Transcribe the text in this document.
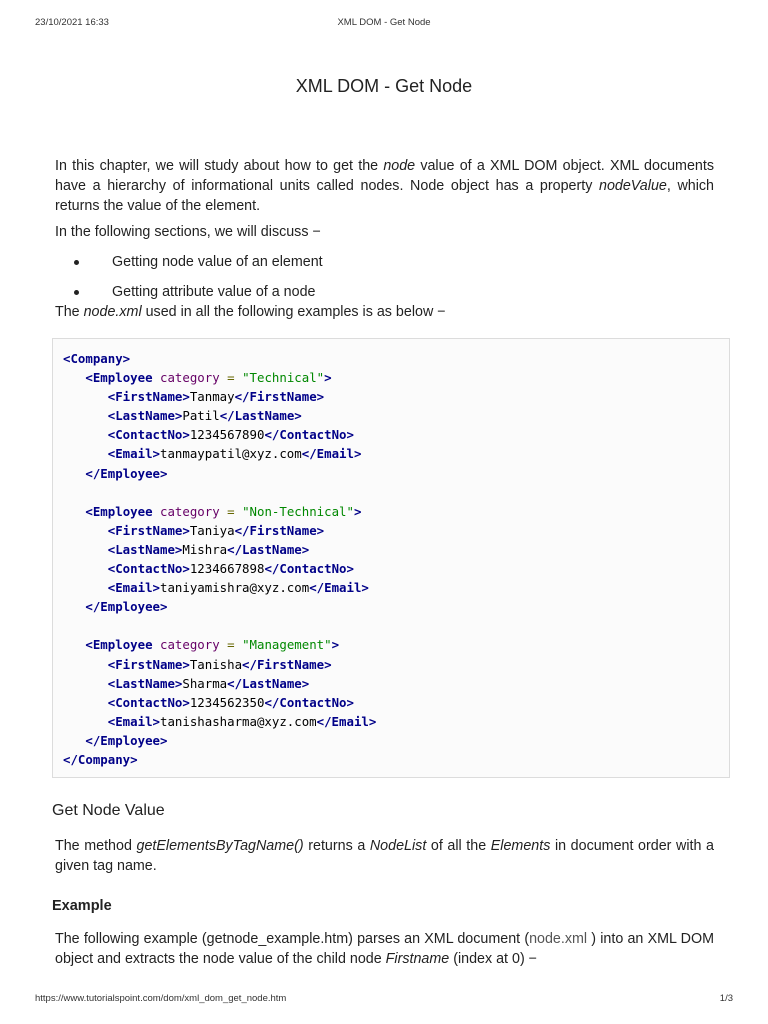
23/10/2021 16:33	XML DOM - Get Node
XML DOM - Get Node

In this chapter, we will study about how to get the node value of a XML DOM object. XML documents have a hierarchy of informational units called nodes. Node object has a property nodeValue, which returns the value of the element.

In the following sections, we will discuss −

Getting node value of an element
Getting attribute value of a node

The node.xml used in all the following examples is as below −

<Company>
<Employee category = "Technical">
<FirstName>Tanmay</FirstName>
<LastName>Patil</LastName>
<ContactNo>1234567890</ContactNo>
<Email>tanmaypatil@xyz.com</Email>
</Employee>
<Employee category = "Non-Technical">
<FirstName>Taniya</FirstName>
<LastName>Mishra</LastName>
<ContactNo>1234667898</ContactNo>
<Email>taniyamishra@xyz.com</Email>
</Employee>
<Employee category = "Management">
<FirstName>Tanisha</FirstName>
<LastName>Sharma</LastName>
<ContactNo>1234562350</ContactNo>
<Email>tanishasharma@xyz.com</Email>
</Employee>
</Company>
Get Node Value

The method getElementsByTagName() returns a NodeList of all the Elements in document order with a given tag name.

Example

The following example (getnode_example.htm) parses an XML document (node.xml ) into an XML DOM object and extracts the node value of the child node Firstname (index at 0) −

https://www.tutorialspoint.com/dom/xml_dom_get_node.htm	1/3
